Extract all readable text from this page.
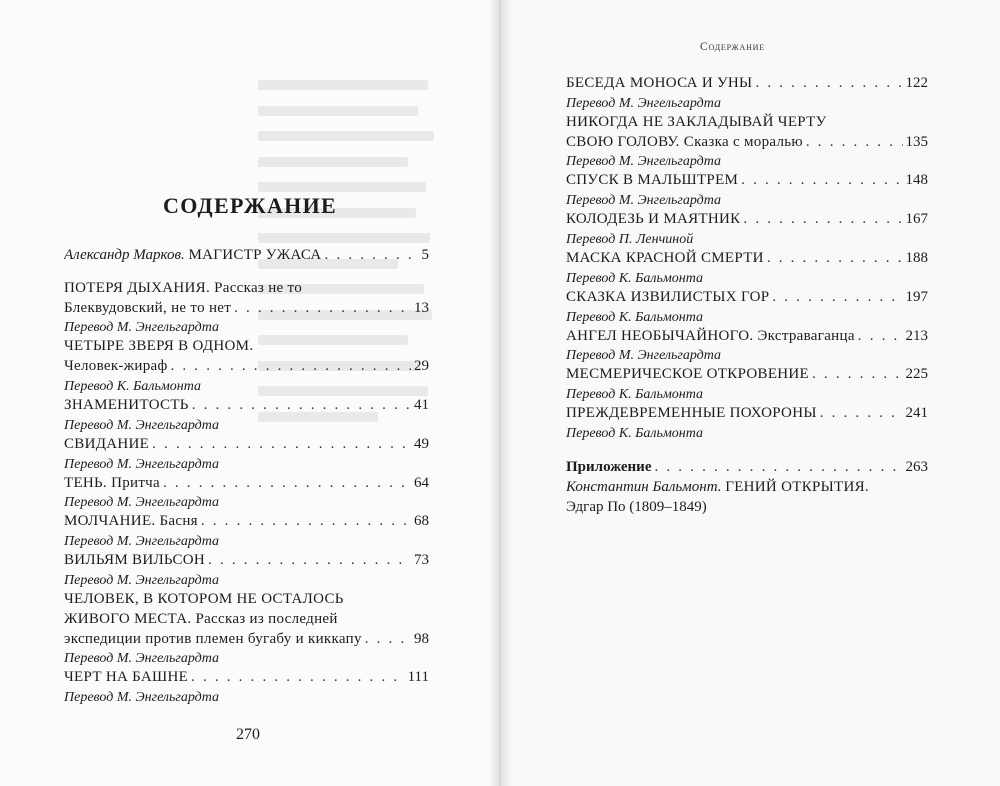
Содержание
СОДЕРЖАНИЕ
Александр Марков. МАГИСТР УЖАСА . . .	5
ПОТЕРЯ ДЫХАНИЯ. Рассказ не то
Блеквудовский, не то нет . . .	13
Перевод М. Энгельгардта
ЧЕТЫРЕ ЗВЕРЯ В ОДНОМ.
Человек-жираф . . .	29
Перевод К. Бальмонта
ЗНАМЕНИТОСТЬ . . .	41
Перевод М. Энгельгардта
СВИДАНИЕ . . .	49
Перевод М. Энгельгардта
ТЕНЬ. Притча . . .	64
Перевод М. Энгельгардта
МОЛЧАНИЕ. Басня . . .	68
Перевод М. Энгельгардта
ВИЛЬЯМ ВИЛЬСОН . . .	73
Перевод М. Энгельгардта
ЧЕЛОВЕК, В КОТОРОМ НЕ ОСТАЛОСЬ
ЖИВОГО МЕСТА. Рассказ из последней
экспедиции против племен бугабу и киккапу . . .	98
Перевод М. Энгельгардта
ЧЕРТ НА БАШНЕ . . .	111
Перевод М. Энгельгардта
БЕСЕДА МОНОСА И УНЫ . . .	122
Перевод М. Энгельгардта
НИКОГДА НЕ ЗАКЛАДЫВАЙ ЧЕРТУ
СВОЮ ГОЛОВУ. Сказка с моралью . . .	135
Перевод М. Энгельгардта
СПУСК В МАЛЬШТРЕМ . . .	148
Перевод М. Энгельгардта
КОЛОДЕЗЬ И МАЯТНИК . . .	167
Перевод П. Ленчиной
МАСКА КРАСНОЙ СМЕРТИ . . .	188
Перевод К. Бальмонта
СКАЗКА ИЗВИЛИСТЫХ ГОР . . .	197
Перевод К. Бальмонта
АНГЕЛ НЕОБЫЧАЙНОГО. Экстраваганца . . .	213
Перевод М. Энгельгардта
МЕСМЕРИЧЕСКОЕ ОТКРОВЕНИЕ . . .	225
Перевод К. Бальмонта
ПРЕЖДЕВРЕМЕННЫЕ ПОХОРОНЫ . . .	241
Перевод К. Бальмонта
Приложение . . .	263
Константин Бальмонт. ГЕНИЙ ОТКРЫТИЯ.
Эдгар По (1809–1849)
270
